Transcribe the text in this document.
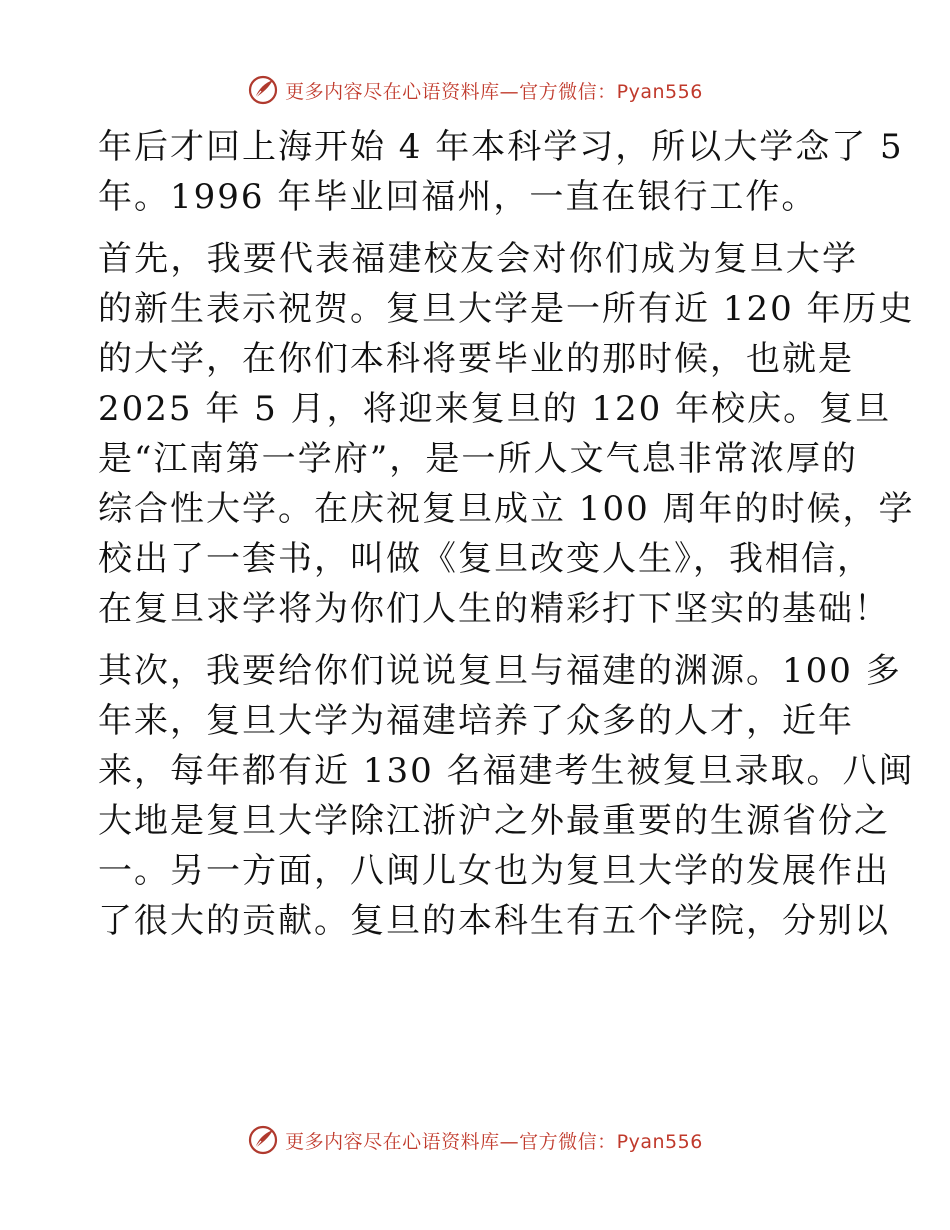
更多内容尽在心语资料库—官方微信：Pyan556
年后才回上海开始 4 年本科学习，所以大学念了 5
年。1996 年毕业回福州，一直在银行工作。
首先，我要代表福建校友会对你们成为复旦大学
的新生表示祝贺。复旦大学是一所有近 120 年历史
的大学，在你们本科将要毕业的那时候，也就是
2025 年 5 月，将迎来复旦的 120 年校庆。复旦
是“江南第一学府”，是一所人文气息非常浓厚的
综合性大学。在庆祝复旦成立 100 周年的时候，学
校出了一套书，叫做《复旦改变人生》，我相信，
在复旦求学将为你们人生的精彩打下坚实的基础！
其次，我要给你们说说复旦与福建的渊源。100 多
年来，复旦大学为福建培养了众多的人才，近年
来，每年都有近 130 名福建考生被复旦录取。八闽
大地是复旦大学除江浙沪之外最重要的生源省份之
一。另一方面，八闽儿女也为复旦大学的发展作出
了很大的贡献。复旦的本科生有五个学院，分别以
更多内容尽在心语资料库—官方微信：Pyan556
